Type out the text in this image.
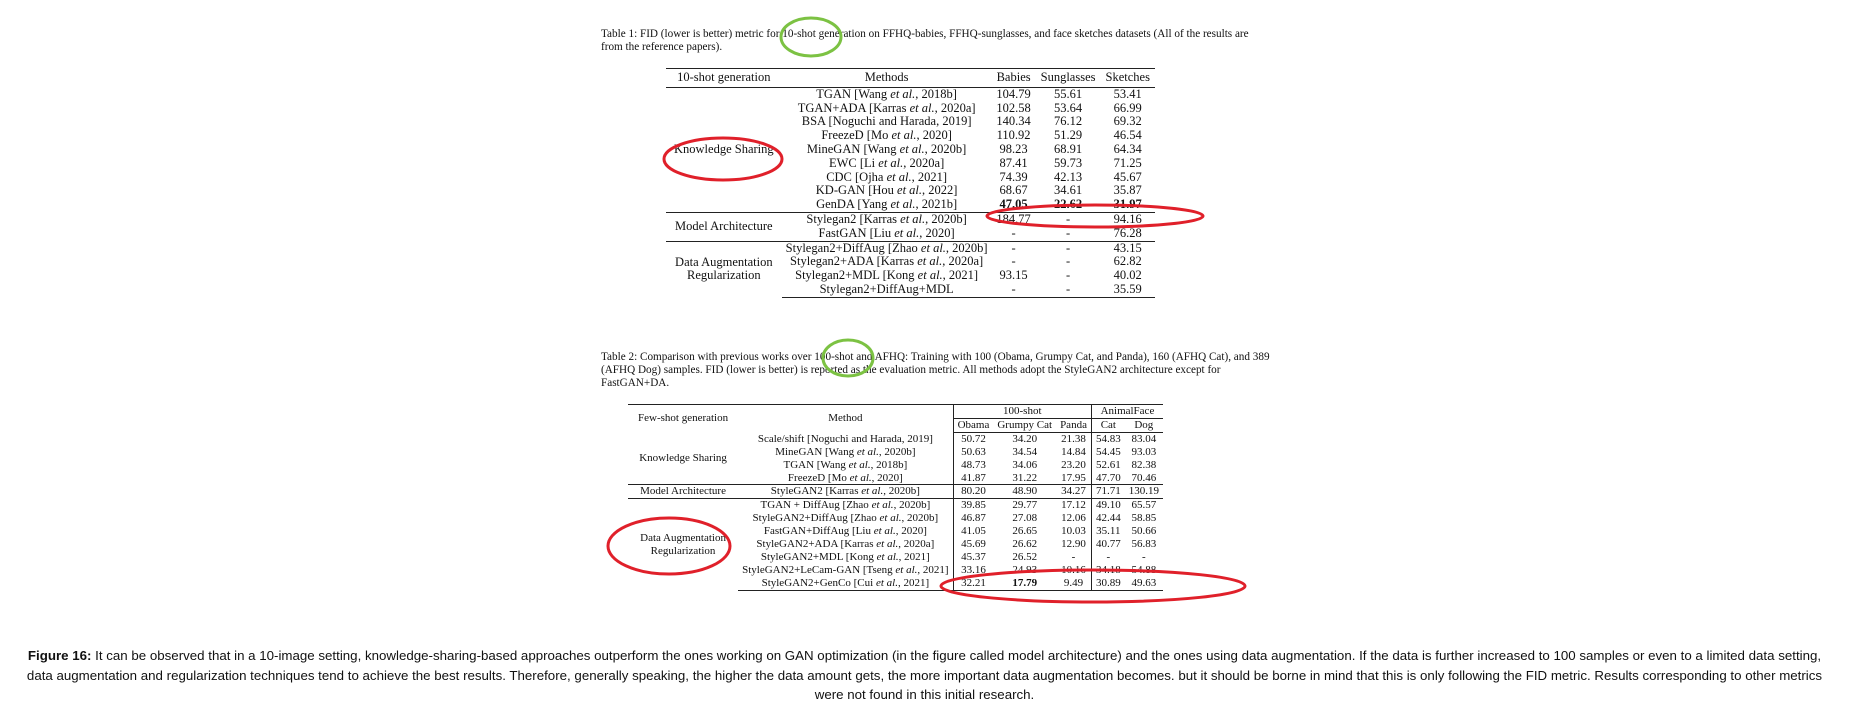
Table 1: FID (lower is better) metric for 10-shot generation on FFHQ-babies, FFHQ-sunglasses, and face sketches datasets (All of the results are from the reference papers).
10-shot generation	Methods	Babies	Sunglasses	Sketches

Knowledge Sharing	TGAN [Wang et al., 2018b]	104.79	55.61	53.41
	TGAN+ADA [Karras et al., 2020a]	102.58	53.64	66.99
	BSA [Noguchi and Harada, 2019]	140.34	76.12	69.32
	FreezeD [Mo et al., 2020]	110.92	51.29	46.54
	MineGAN [Wang et al., 2020b]	98.23	68.91	64.34
	EWC [Li et al., 2020a]	87.41	59.73	71.25
	CDC [Ojha et al., 2021]	74.39	42.13	45.67
	KD-GAN [Hou et al., 2022]	68.67	34.61	35.87
	GenDA [Yang et al., 2021b]	47.05	22.62	31.97

Model Architecture	Stylegan2 [Karras et al., 2020b]	184.77	-	94.16
	FastGAN [Liu et al., 2020]	-	-	76.28

Data Augmentation
Regularization	Stylegan2+DiffAug [Zhao et al., 2020b]	-	-	43.15
	Stylegan2+ADA [Karras et al., 2020a]	-	-	62.82
	Stylegan2+MDL [Kong et al., 2021]	93.15	-	40.02
	Stylegan2+DiffAug+MDL	-	-	35.59
Table 2: Comparison with previous works over 100-shot and AFHQ: Training with 100 (Obama, Grumpy Cat, and Panda), 160 (AFHQ Cat), and 389 (AFHQ Dog) samples. FID (lower is better) is reported as the evaluation metric. All methods adopt the StyleGAN2 architecture except for FastGAN+DA.
Few-shot generation	Method	100-shot			AnimalFace	
		Obama	Grumpy Cat	Panda	Cat	Dog

Knowledge Sharing	Scale/shift [Noguchi and Harada, 2019]	50.72	34.20	21.38	54.83	83.04
	MineGAN [Wang et al., 2020b]	50.63	34.54	14.84	54.45	93.03
	TGAN [Wang et al., 2018b]	48.73	34.06	23.20	52.61	82.38
	FreezeD [Mo et al., 2020]	41.87	31.22	17.95	47.70	70.46

Model Architecture	StyleGAN2 [Karras et al., 2020b]	80.20	48.90	34.27	71.71	130.19

Data Augmentation
Regularization	TGAN + DiffAug [Zhao et al., 2020b]	39.85	29.77	17.12	49.10	65.57
	StyleGAN2+DiffAug [Zhao et al., 2020b]	46.87	27.08	12.06	42.44	58.85
	FastGAN+DiffAug [Liu et al., 2020]	41.05	26.65	10.03	35.11	50.66
	StyleGAN2+ADA [Karras et al., 2020a]	45.69	26.62	12.90	40.77	56.83
	StyleGAN2+MDL [Kong et al., 2021]	45.37	26.52	-	-	-
	StyleGAN2+LeCam-GAN [Tseng et al., 2021]	33.16	24.93	10.16	34.18	54.88
	StyleGAN2+GenCo [Cui et al., 2021]	32.21	17.79	9.49	30.89	49.63
Figure 16: It can be observed that in a 10-image setting, knowledge-sharing-based approaches outperform the ones working on GAN optimization (in the figure called model architecture) and the ones using data augmentation. If the data is further increased to 100 samples or even to a limited data setting, data augmentation and regularization techniques tend to achieve the best results. Therefore, generally speaking, the higher the data amount gets, the more important data augmentation becomes. but it should be borne in mind that this is only following the FID metric. Results corresponding to other metrics were not found in this initial research.
